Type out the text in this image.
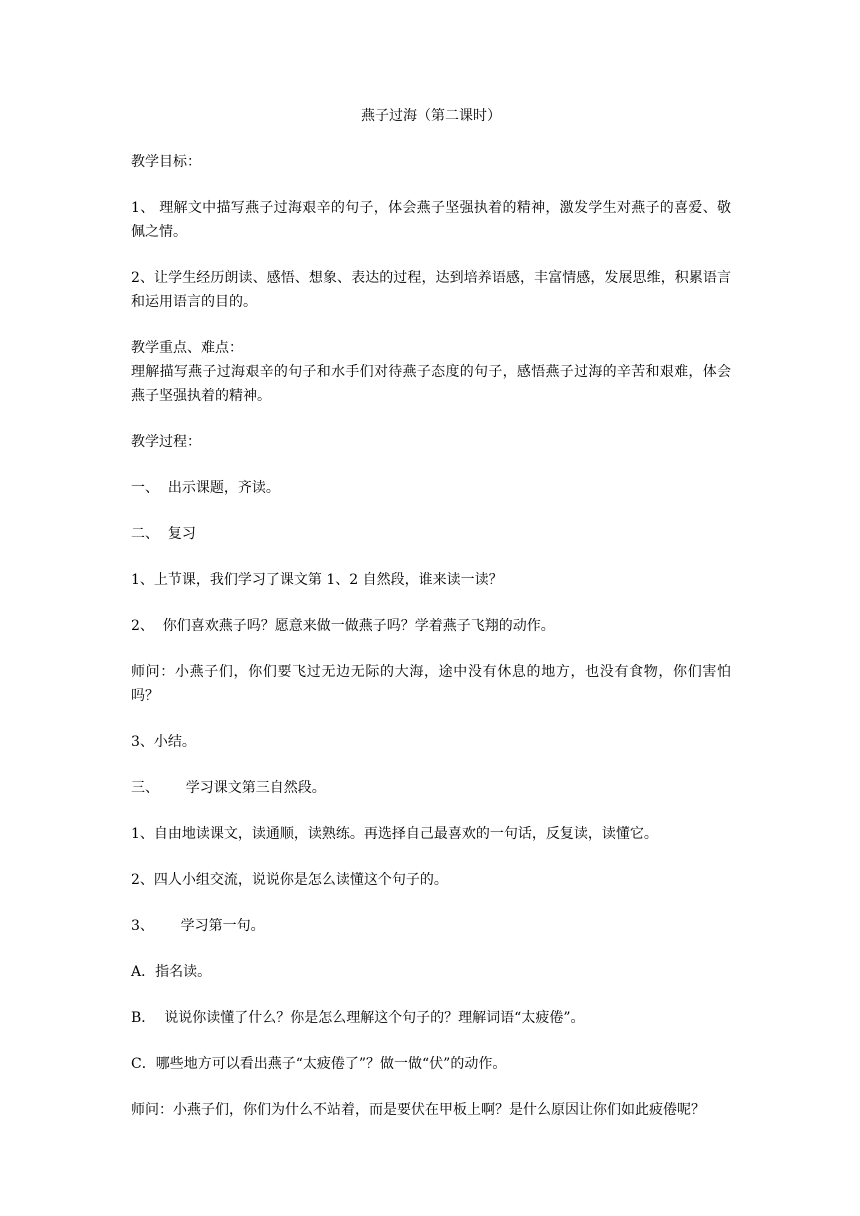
燕子过海（第二课时）

教学目标：

1、 理解文中描写燕子过海艰辛的句子，体会燕子坚强执着的精神，激发学生对燕子的喜爱、敬佩之情。

2、让学生经历朗读、感悟、想象、表达的过程，达到培养语感，丰富情感，发展思维，积累语言和运用语言的目的。

教学重点、难点：

理解描写燕子过海艰辛的句子和水手们对待燕子态度的句子，感悟燕子过海的辛苦和艰难，体会燕子坚强执着的精神。

教学过程：

一、  出示课题，齐读。

二、  复习

1、上节课，我们学习了课文第 1、2 自然段，谁来读一读？

2、  你们喜欢燕子吗？愿意来做一做燕子吗？学着燕子飞翔的动作。

师问：小燕子们，你们要飞过无边无际的大海，途中没有休息的地方，也没有食物，你们害怕吗？

3、小结。

三、      学习课文第三自然段。

1、自由地读课文，读通顺，读熟练。再选择自己最喜欢的一句话，反复读，读懂它。

2、四人小组交流，说说你是怎么读懂这个句子的。

3、      学习第一句。

A．指名读。

B．  说说你读懂了什么？你是怎么理解这个句子的？理解词语“太疲倦”。

C．哪些地方可以看出燕子“太疲倦了”？做一做“伏”的动作。

师问：小燕子们，你们为什么不站着，而是要伏在甲板上啊？是什么原因让你们如此疲倦呢？
